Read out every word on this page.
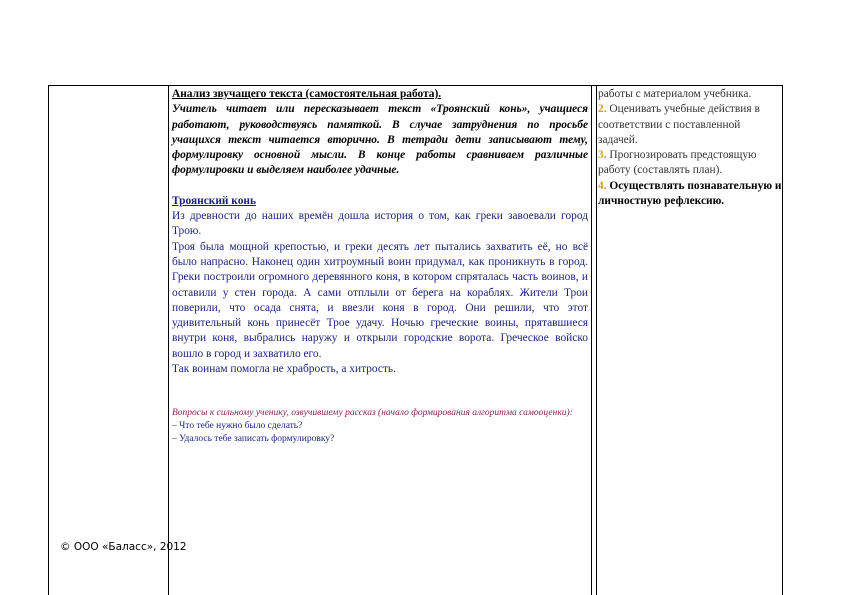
Анализ звучащего текста (самостоятельная работа).
Учитель читает или пересказывает текст «Троянский конь», учащиеся работают, руководствуясь памяткой. В случае затруднения по просьбе учащихся текст читается вторично. В тетради дети записывают тему, формулировку основной мысли. В конце работы сравниваем различные формулировки и выделяем наиболее удачные.
Троянский конь

Из древности до наших времён дошла история о том, как греки завоевали город Трою.

Троя была мощной крепостью, и греки десять лет пытались захватить её, но всё было напрасно. Наконец один хитроумный воин придумал, как проникнуть в город. Греки построили огромного деревянного коня, в котором спряталась часть воинов, и оставили у стен города. А сами отплыли от берега на кораблях. Жители Трои поверили, что осада снята, и ввезли коня в город. Они решили, что этот удивительный конь принесёт Трое удачу. Ночью греческие воины, прятавшиеся внутри коня, выбрались наружу и открыли городские ворота. Греческое войско вошло в город и захватило его.

Так воинам помогла не храбрость, а хитрость.

Вопросы к сильному ученику, озвучившему рассказ (начало формирования алгоритма самооценки):
– Что тебе нужно было сделать?
– Удалось тебе записать формулировку?
работы с материалом учебника.
2. Оценивать учебные действия в соответствии с поставленной задачей.
3. Прогнозировать предстоящую работу (составлять план).
4. Осуществлять познавательную и личностную рефлексию.
© ООО «Баласс», 2012
